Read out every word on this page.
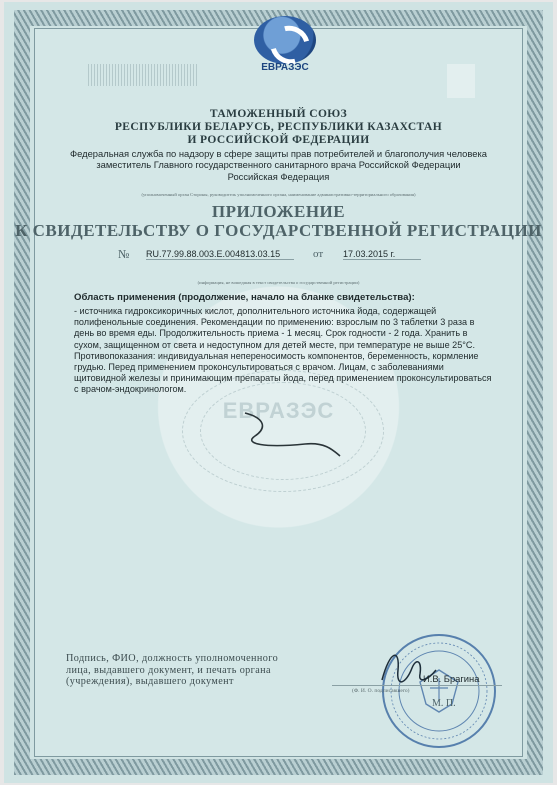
ЕВРАЗЭС
ТАМОЖЕННЫЙ СОЮЗ
РЕСПУБЛИКИ БЕЛАРУСЬ, РЕСПУБЛИКИ КАЗАХСТАН
И РОССИЙСКОЙ ФЕДЕРАЦИИ
Федеральная служба по надзору в сфере защиты прав потребителей и благополучия человека
заместитель Главного государственного санитарного врача Российской Федерации
Российская Федерация
(уполномоченный орган Стороны, руководитель уполномоченного органа, наименование административно-территориального образования)
ПРИЛОЖЕНИЕ
К СВИДЕТЕЛЬСТВУ О ГОСУДАРСТВЕННОЙ РЕГИСТРАЦИИ
№ RU.77.99.88.003.E.004813.03.15	от 17.03.2015 г.
(информация, не вошедшая в текст свидетельства о государственной регистрации)
Область применения (продолжение, начало на бланке свидетельства):

- источника гидроксикоричных кислот, дополнительного источника йода, содержащей

полифенольные соединения. Рекомендации по применению: взрослым по 3 таблетки 3 раза в

день во время еды. Продолжительность приема - 1 месяц. Срок годности - 2 года. Хранить в

сухом, защищенном от света и недоступном для детей месте, при температуре не выше 25°С.

Противопоказания: индивидуальная непереносимость компонентов, беременность, кормление

грудью. Перед применением проконсультироваться с врачом. Лицам, с заболеваниями

щитовидной железы и принимающим препараты йода, перед применением проконсультироваться

с врачом-эндокринологом.

ЕВРАЗЭС
Подпись, ФИО, должность уполномоченного
лица, выдавшего документ, и печать органа
(учреждения), выдавшего документ	И.В. Брагина
(Ф. И. О. подписавшего)
М. П.
